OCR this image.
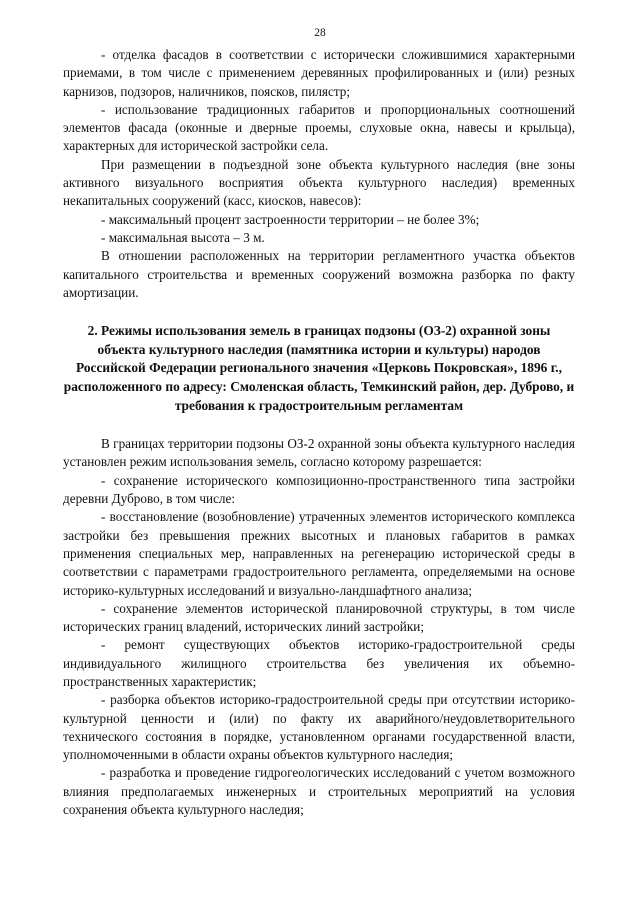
28

- отделка фасадов в соответствии с исторически сложившимися характерными приемами, в том числе с применением деревянных профилированных и (или) резных карнизов, подзоров, наличников, поясков, пилястр;

- использование традиционных габаритов и пропорциональных соотношений элементов фасада (оконные и дверные проемы, слуховые окна, навесы и крыльца), характерных для исторической застройки села.

При размещении в подъездной зоне объекта культурного наследия (вне зоны активного визуального восприятия объекта культурного наследия) временных некапитальных сооружений (касс, киосков, навесов):

- максимальный процент застроенности территории – не более 3%;

- максимальная высота – 3 м.

В отношении расположенных на территории регламентного участка объектов капитального строительства и временных сооружений возможна разборка по факту амортизации.

2. Режимы использования земель в границах подзоны (ОЗ-2) охранной зоны объекта культурного наследия (памятника истории и культуры) народов Российской Федерации регионального значения «Церковь Покровская», 1896 г., расположенного по адресу: Смоленская область, Темкинский район, дер. Дуброво, и требования к градостроительным регламентам

В границах территории подзоны ОЗ-2 охранной зоны объекта культурного наследия установлен режим использования земель, согласно которому разрешается:

- сохранение исторического композиционно-пространственного типа застройки деревни Дуброво, в том числе:

- восстановление (возобновление) утраченных элементов исторического комплекса застройки без превышения прежних высотных и плановых габаритов в рамках применения специальных мер, направленных на регенерацию исторической среды в соответствии с параметрами градостроительного регламента, определяемыми на основе историко-культурных исследований и визуально-ландшафтного анализа;

- сохранение элементов исторической планировочной структуры, в том числе исторических границ владений, исторических линий застройки;

- ремонт существующих объектов историко-градостроительной среды индивидуального жилищного строительства без увеличения их объемно-пространственных характеристик;

- разборка объектов историко-градостроительной среды при отсутствии историко-культурной ценности и (или) по факту их аварийного/неудовлетворительного технического состояния в порядке, установленном органами государственной власти, уполномоченными в области охраны объектов культурного наследия;

- разработка и проведение гидрогеологических исследований с учетом возможного влияния предполагаемых инженерных и строительных мероприятий на условия сохранения объекта культурного наследия;
